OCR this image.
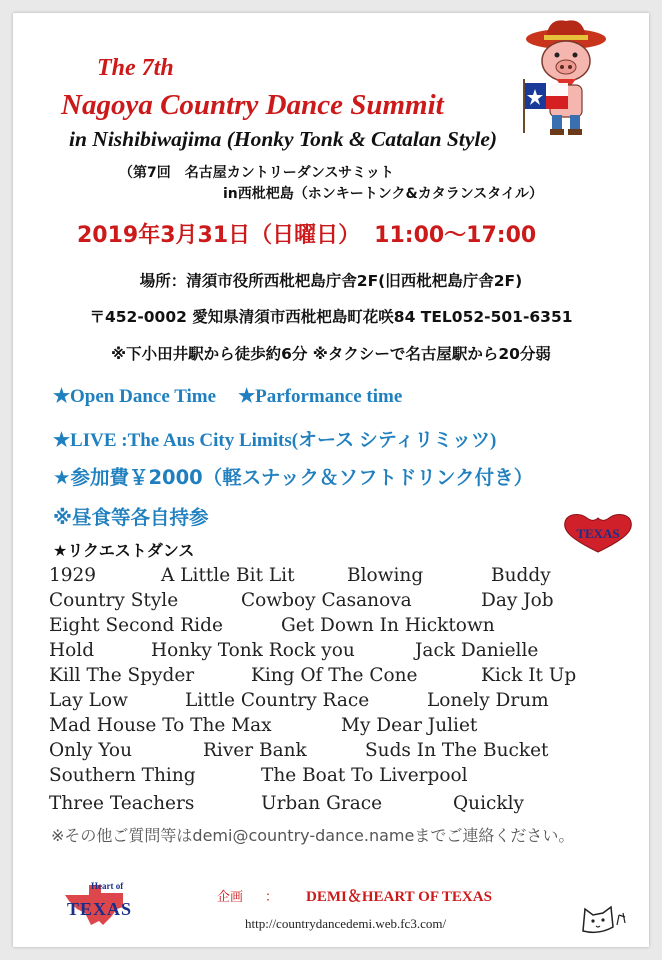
The 7th
Nagoya Country Dance Summit
in Nishibiwajima (Honky Tonk & Catalan Style)
（第7回　名古屋カントリーダンスサミット
in西枇杷島（ホンキートンク&カタランスタイル）
2019年3月31日（日曜日） 11:00～17:00
場所：清須市役所西枇杷島庁舎2F(旧西枇杷島庁舎2F)
〒452-0002 愛知県清須市西枇杷島町花咲84 TEL052-501-6351
※下小田井駅から徒歩約6分 ※タクシーで名古屋駅から20分弱
★Open Dance Time ★Parformance time
★LIVE :The Aus City Limits(オース シティリミッツ)
★参加費￥2000（軽スナック＆ソフトドリンク付き）
※昼食等各自持参
TEXAS
★リクエストダンス
1929	A Little Bit Lit	Blowing	Buddy
Country Style	Cowboy Casanova	Day Job
Eight Second Ride	Get Down In Hicktown
Hold	Honky Tonk Rock you	Jack Danielle
Kill The Spyder	King Of The Cone	Kick It Up
Lay Low	Little Country Race	Lonely Drum
Mad House To The Max	My Dear Juliet
Only You	River Bank	Suds In The Bucket
Southern Thing	The Boat To Liverpool
Three Teachers	Urban Grace	Quickly
※その他ご質問等はdemi@country-dance.nameまでご連絡ください。
Heart of
TEXAS
企画 ： DEMI＆HEART OF TEXAS
http://countrydancedemi.web.fc3.com/
